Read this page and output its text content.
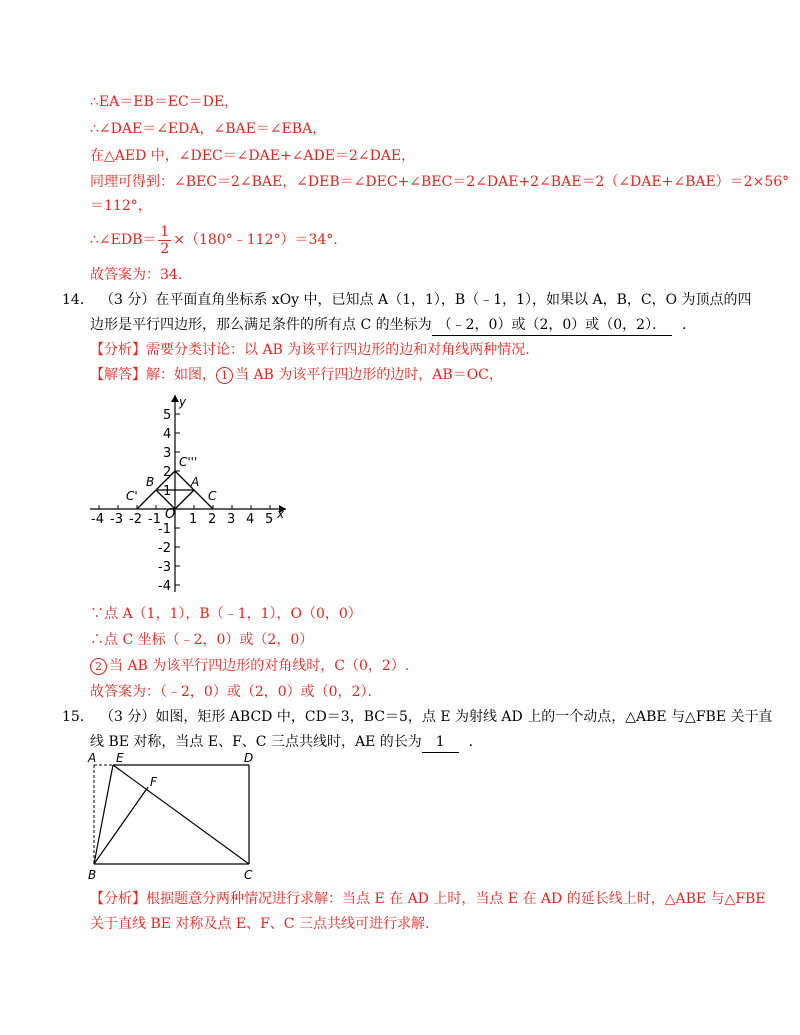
∴EA＝EB＝EC＝DE，
∴∠DAE＝∠EDA，∠BAE＝∠EBA，
在△AED 中，∠DEC＝∠DAE+∠ADE＝2∠DAE，
同理可得到：∠BEC＝2∠BAE，∠DEB＝∠DEC+∠BEC＝2∠DAE+2∠BAE＝2（∠DAE+∠BAE）＝2×56°
＝112°，
∴∠EDB＝ $\frac{1}{2}$ ×（180°﹣112°）＝34°.
故答案为：34．
14． （3 分）在平面直角坐标系 xOy 中，已知点 A（1，1），B（﹣1，1），如果以 A，B，C，O 为顶点的四
边形是平行四边形，那么满足条件的所有点 C 的坐标为 （﹣2，0）或（2，0）或（0，2）． ．
【分析】需要分类讨论：以 AB 为该平行四边形的边和对角线两种情况.
【解答】解：如图， 1 当 AB 为该平行四边形的边时，AB＝OC，
-4 -3 -2 -1 1 2 3 4 5
O	x
5
4
3
2
1
-1
-2
-3
-4
y
B	A
C'	C
C'''
∵点 A（1，1），B（﹣1，1），O（0，0）
∴点 C 坐标（﹣2，0）或（2，0）
2 当 AB 为该平行四边形的对角线时，C（0，2）.
故答案为：（﹣2，0）或（2，0）或（0，2）．
15． （3 分）如图，矩形 ABCD 中，CD＝3，BC＝5，点 E 为射线 AD 上的一个动点，△ABE 与△FBE 关于直
线 BE 对称，当点 E、F、C 三点共线时，AE 的长为 1 ．
A E	D
F
B	C
【分析】根据题意分两种情况进行求解：当点 E 在 AD 上时，当点 E 在 AD 的延长线上时，△ABE 与△FBE
关于直线 BE 对称及点 E、F、C 三点共线可进行求解.
